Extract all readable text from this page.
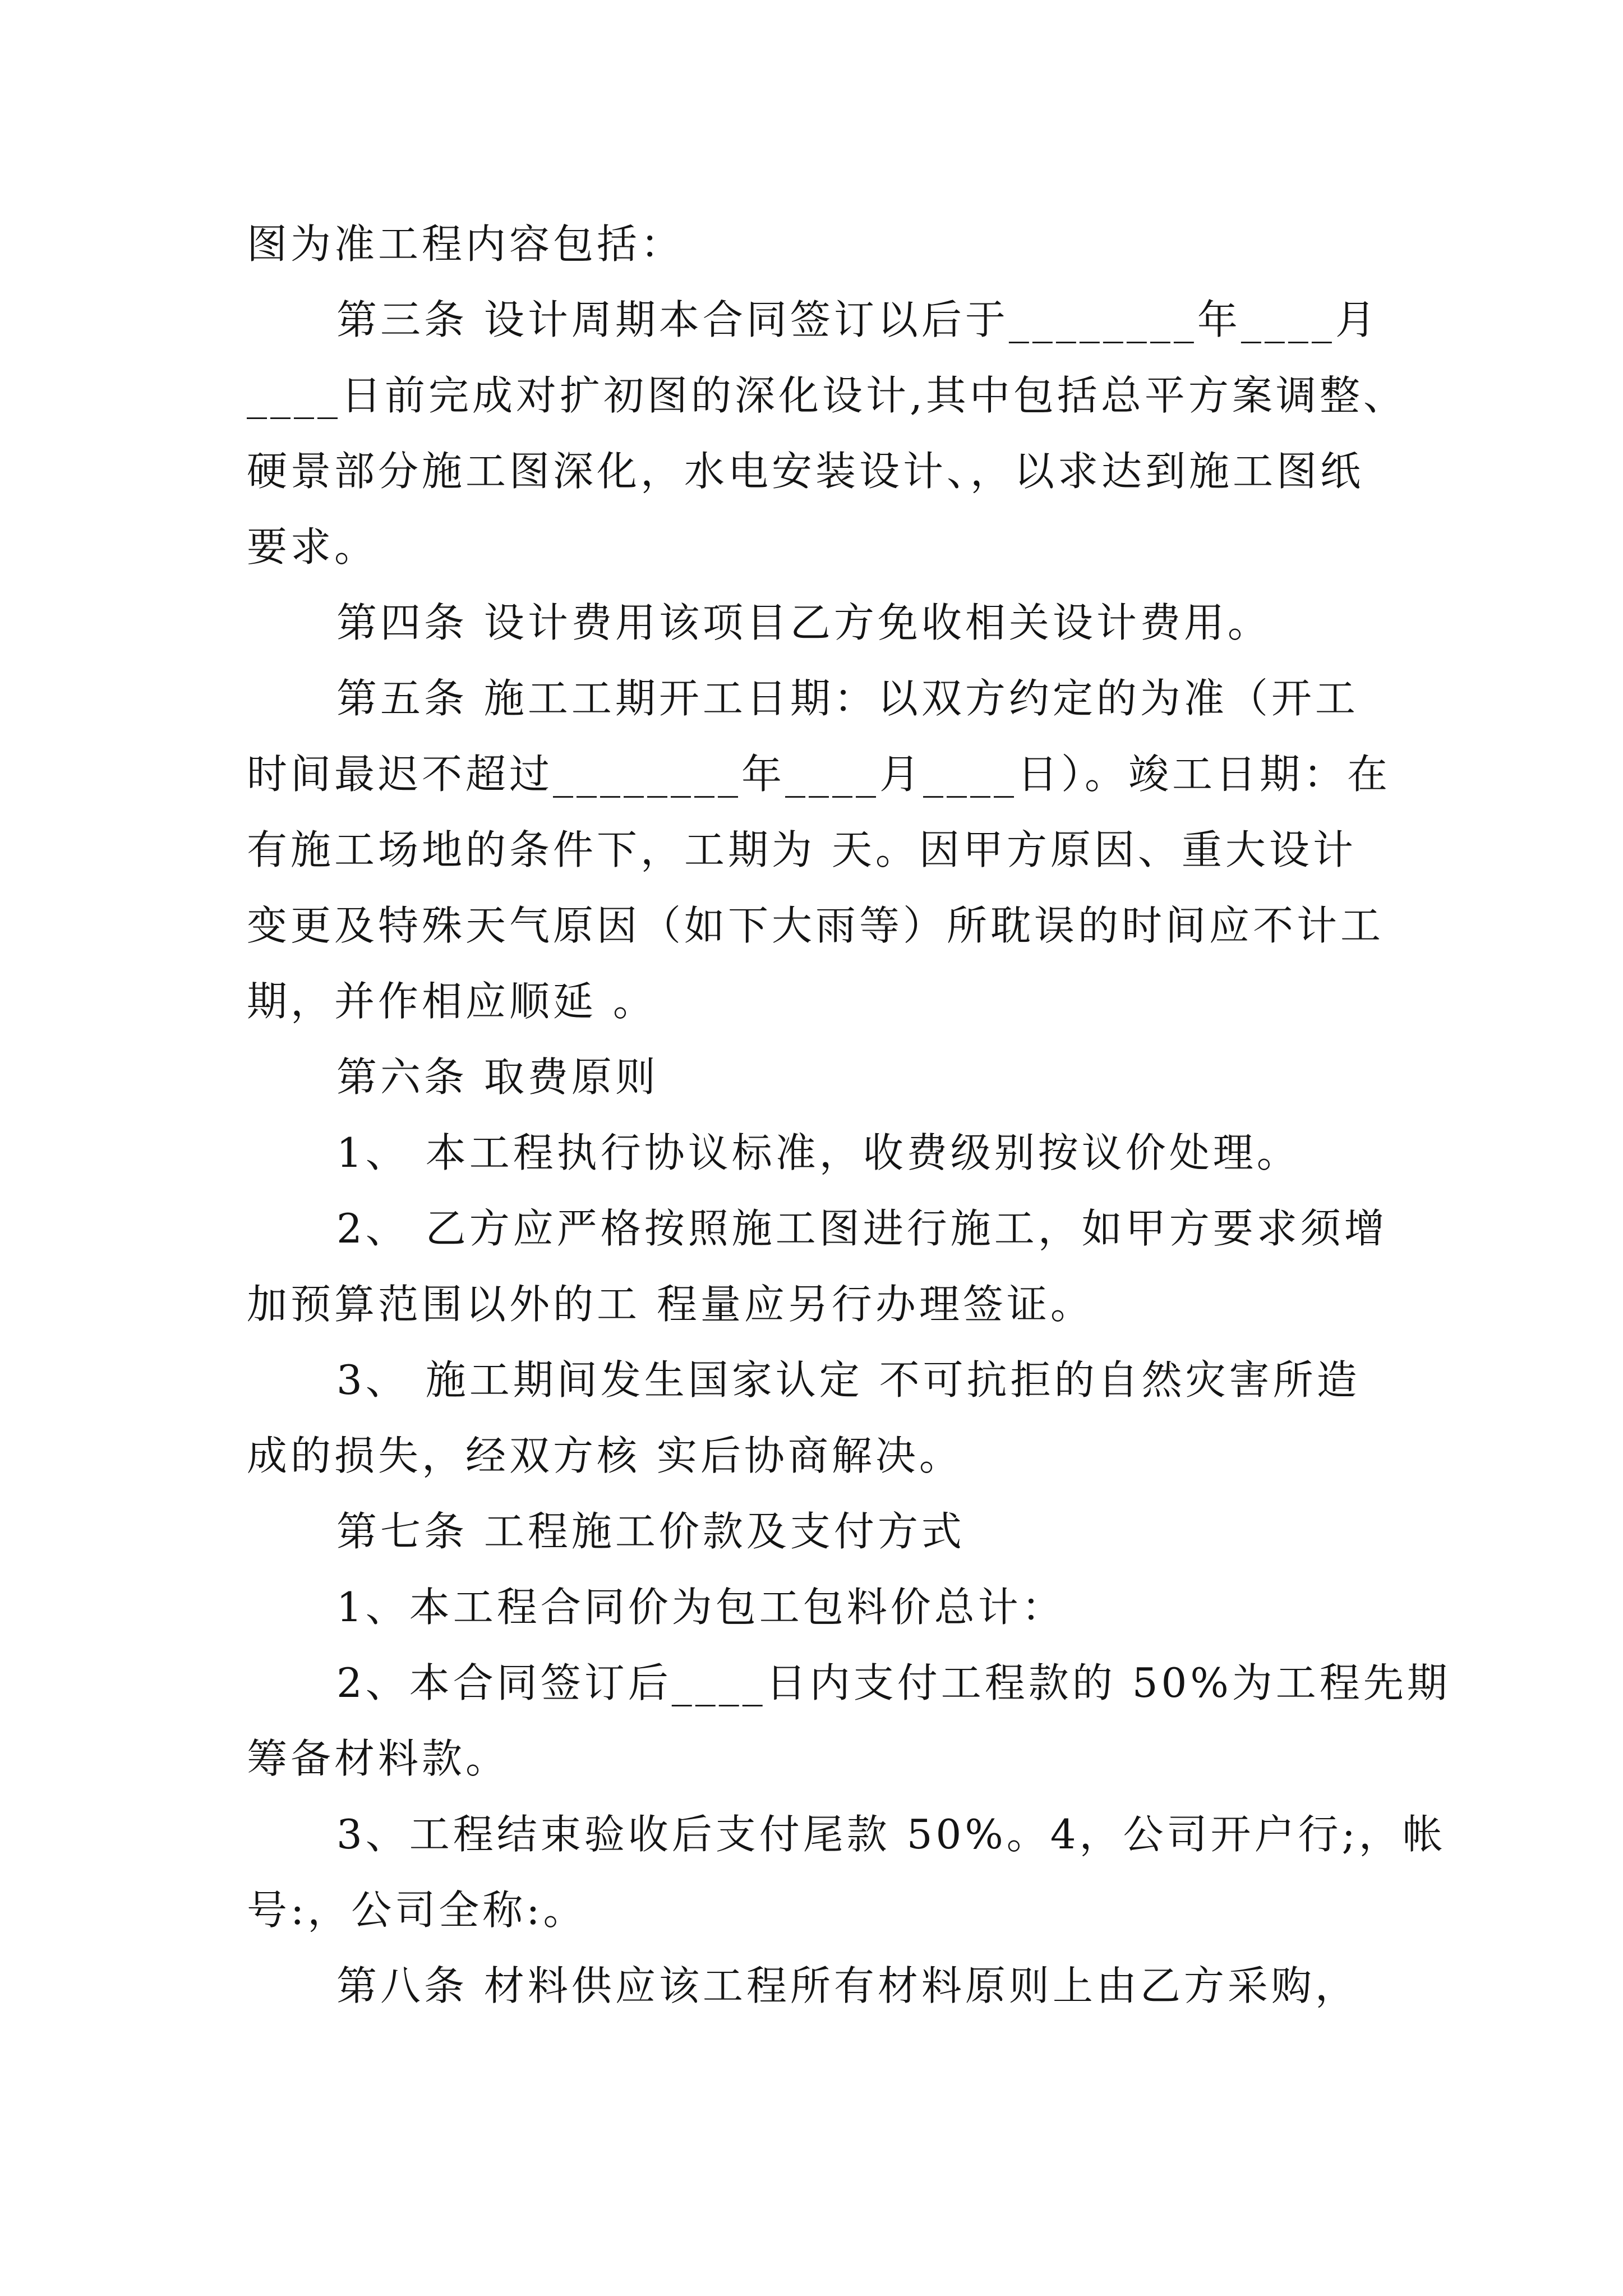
图为准工程内容包括：
第三条 设计周期本合同签订以后于________年____月
____日前完成对扩初图的深化设计,其中包括总平方案调整、
硬景部分施工图深化，水电安装设计、，以求达到施工图纸
要求。
第四条 设计费用该项目乙方免收相关设计费用。
第五条 施工工期开工日期：以双方约定的为准（开工
时间最迟不超过________年____月____日）。竣工日期：在
有施工场地的条件下，工期为 天。因甲方原因、重大设计
变更及特殊天气原因（如下大雨等）所耽误的时间应不计工
期，并作相应顺延 。
第六条 取费原则
1、 本工程执行协议标准，收费级别按议价处理。
2、 乙方应严格按照施工图进行施工，如甲方要求须增
加预算范围以外的工 程量应另行办理签证。
3、 施工期间发生国家认定 不可抗拒的自然灾害所造
成的损失，经双方核 实后协商解决。
第七条 工程施工价款及支付方式
1、本工程合同价为包工包料价总计：
2、本合同签订后____日内支付工程款的 50%为工程先期
筹备材料款。
3、工程结束验收后支付尾款 50%。4，公司开户行;，帐
号:，公司全称:。
第八条 材料供应该工程所有材料原则上由乙方采购，
